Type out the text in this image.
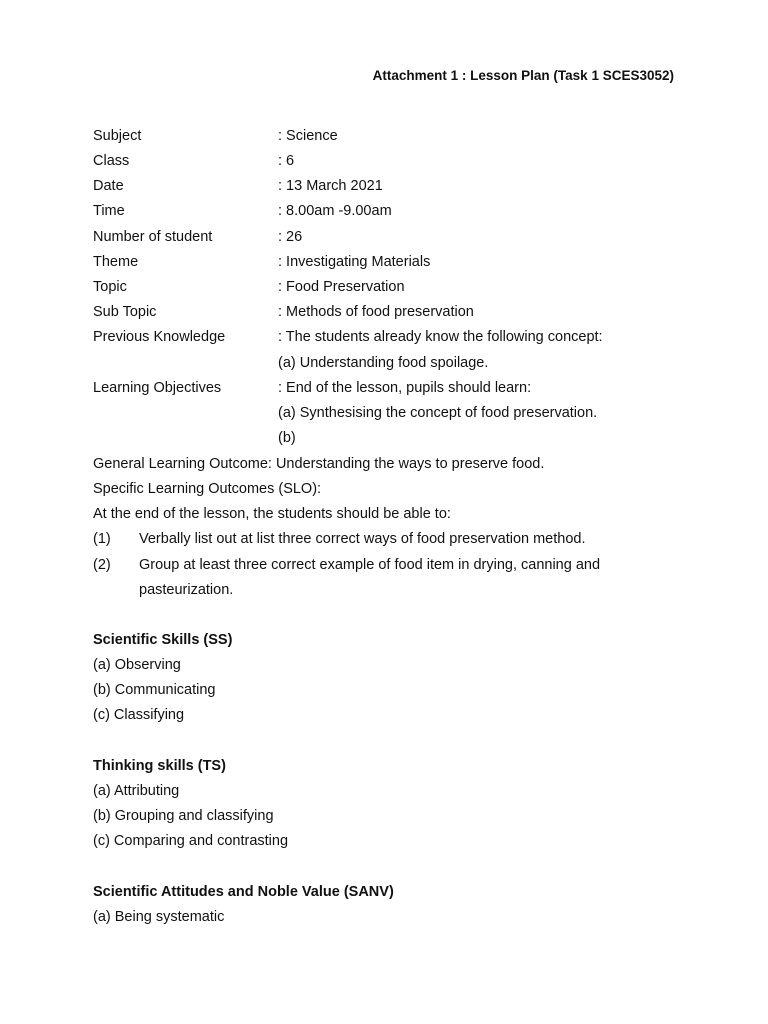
Attachment 1 : Lesson Plan (Task 1 SCES3052)
Subject	: Science
Class	: 6
Date	: 13 March 2021
Time	: 8.00am -9.00am
Number of student	: 26
Theme	: Investigating Materials
Topic	: Food Preservation
Sub Topic	: Methods of food preservation
Previous Knowledge	: The students already know the following concept:
(a) Understanding food spoilage.
Learning Objectives	: End of the lesson, pupils should learn:
(a) Synthesising the concept of food preservation.
(b)
General Learning Outcome: Understanding the ways to preserve food.
Specific Learning Outcomes (SLO):
At the end of the lesson, the students should be able to:
(1) Verbally list out at list three correct ways of food preservation method.
(2) Group at least three correct example of food item in drying, canning and
pasteurization.
Scientific Skills (SS)
(a) Observing
(b) Communicating
(c) Classifying
Thinking skills (TS)
(a) Attributing
(b) Grouping and classifying
(c) Comparing and contrasting
Scientific Attitudes and Noble Value (SANV)
(a) Being systematic
